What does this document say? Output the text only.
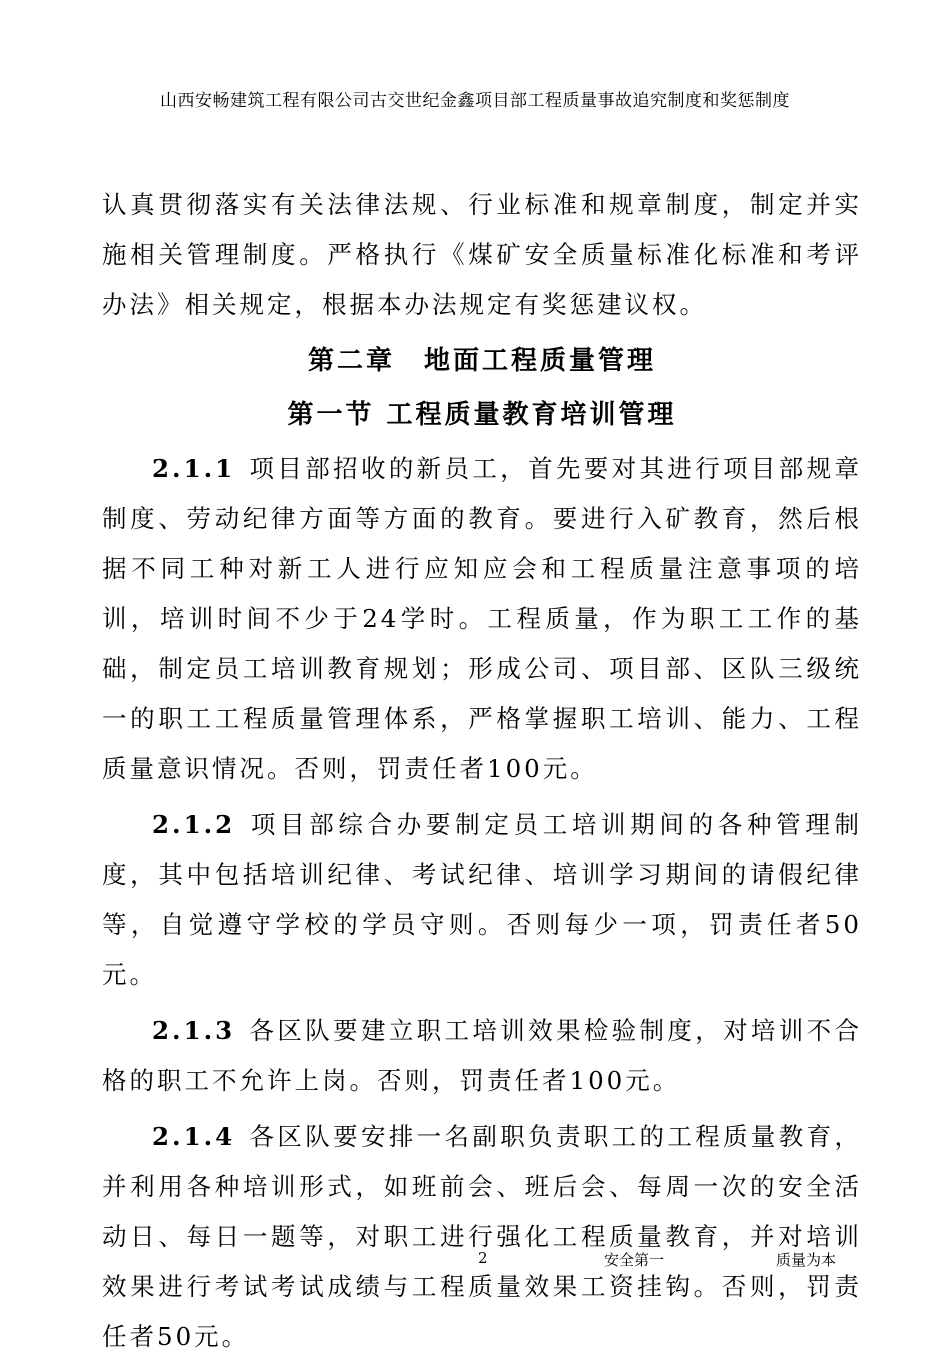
山西安畅建筑工程有限公司古交世纪金鑫项目部工程质量事故追究制度和奖惩制度

认真贯彻落实有关法律法规、行业标准和规章制度，制定并实施相关管理制度。严格执行《煤矿安全质量标准化标准和考评办法》相关规定，根据本办法规定有奖惩建议权。

第二章　地面工程质量管理
第一节 工程质量教育培训管理

2.1.1 项目部招收的新员工，首先要对其进行项目部规章制度、劳动纪律方面等方面的教育。要进行入矿教育，然后根据不同工种对新工人进行应知应会和工程质量注意事项的培训，培训时间不少于24学时。工程质量，作为职工工作的基础，制定员工培训教育规划；形成公司、项目部、区队三级统一的职工工程质量管理体系，严格掌握职工培训、能力、工程质量意识情况。否则，罚责任者100元。

2.1.2 项目部综合办要制定员工培训期间的各种管理制度，其中包括培训纪律、考试纪律、培训学习期间的请假纪律等，自觉遵守学校的学员守则。否则每少一项，罚责任者50元。

2.1.3 各区队要建立职工培训效果检验制度，对培训不合格的职工不允许上岗。否则，罚责任者100元。

2.1.4 各区队要安排一名副职负责职工的工程质量教育，并利用各种培训形式，如班前会、班后会、每周一次的安全活动日、每日一题等，对职工进行强化工程质量教育，并对培训效果进行考试考试成绩与工程质量效果工资挂钩。否则，罚责任者50元。

2	安全第一	质量为本
